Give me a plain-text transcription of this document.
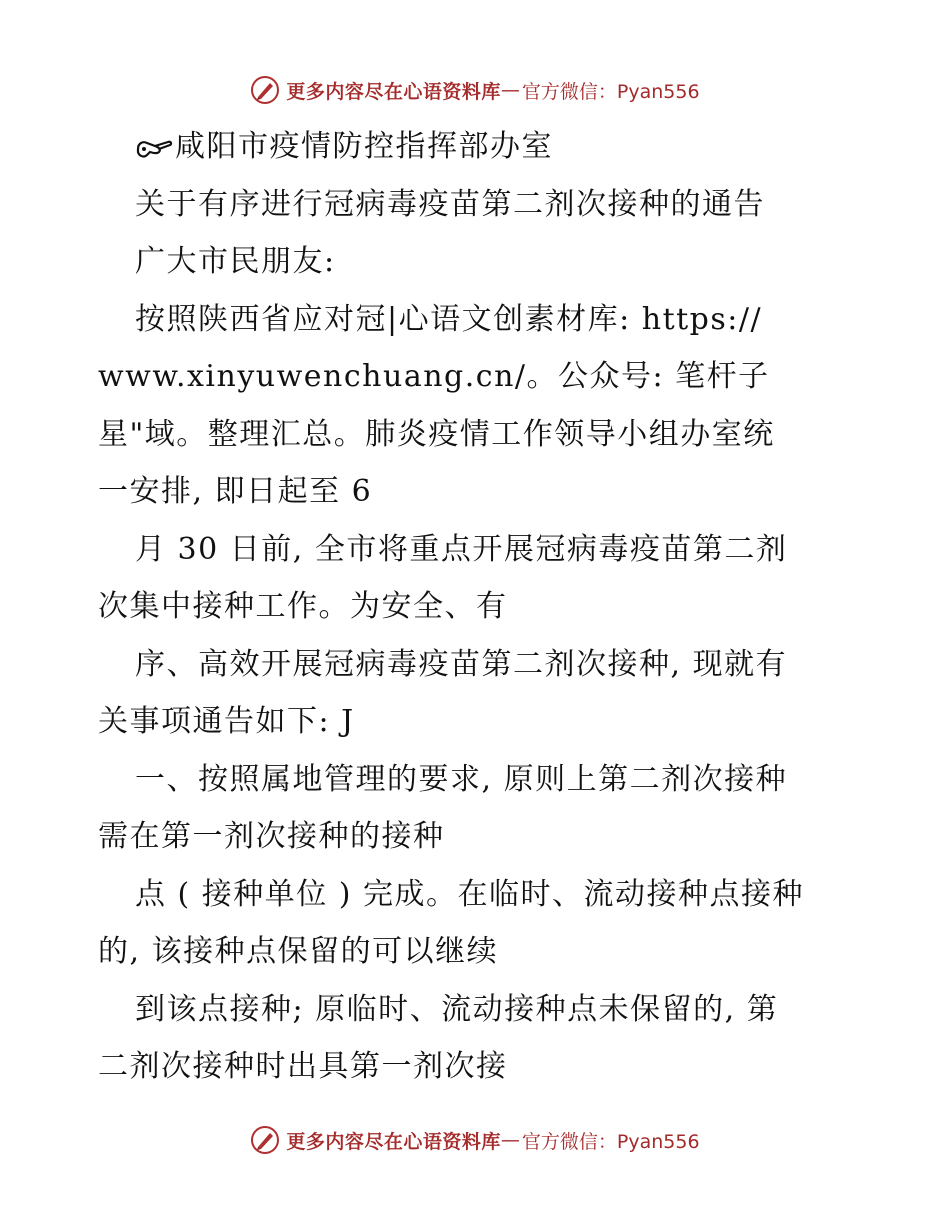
更多内容尽在心语资料库 — 官方微信：Pyan556
咸阳市疫情防控指挥部办室
关于有序进行冠病毒疫苗第二剂次接种的通告
广大市民朋友:
按照陕西省应对冠|心语文创素材库: https://
www.xinyuwenchuang.cn/。公众号: 笔杆子
星"域。整理汇总。肺炎疫情工作领导小组办室统
一安排, 即日起至 6
月 30 日前, 全市将重点开展冠病毒疫苗第二剂
次集中接种工作。为安全、有
序、高效开展冠病毒疫苗第二剂次接种, 现就有
关事项通告如下: J
一、按照属地管理的要求, 原则上第二剂次接种
需在第一剂次接种的接种
点 ( 接种单位 ) 完成。在临时、流动接种点接种
的, 该接种点保留的可以继续
到该点接种; 原临时、流动接种点未保留的, 第
二剂次接种时出具第一剂次接
更多内容尽在心语资料库 — 官方微信：Pyan556
